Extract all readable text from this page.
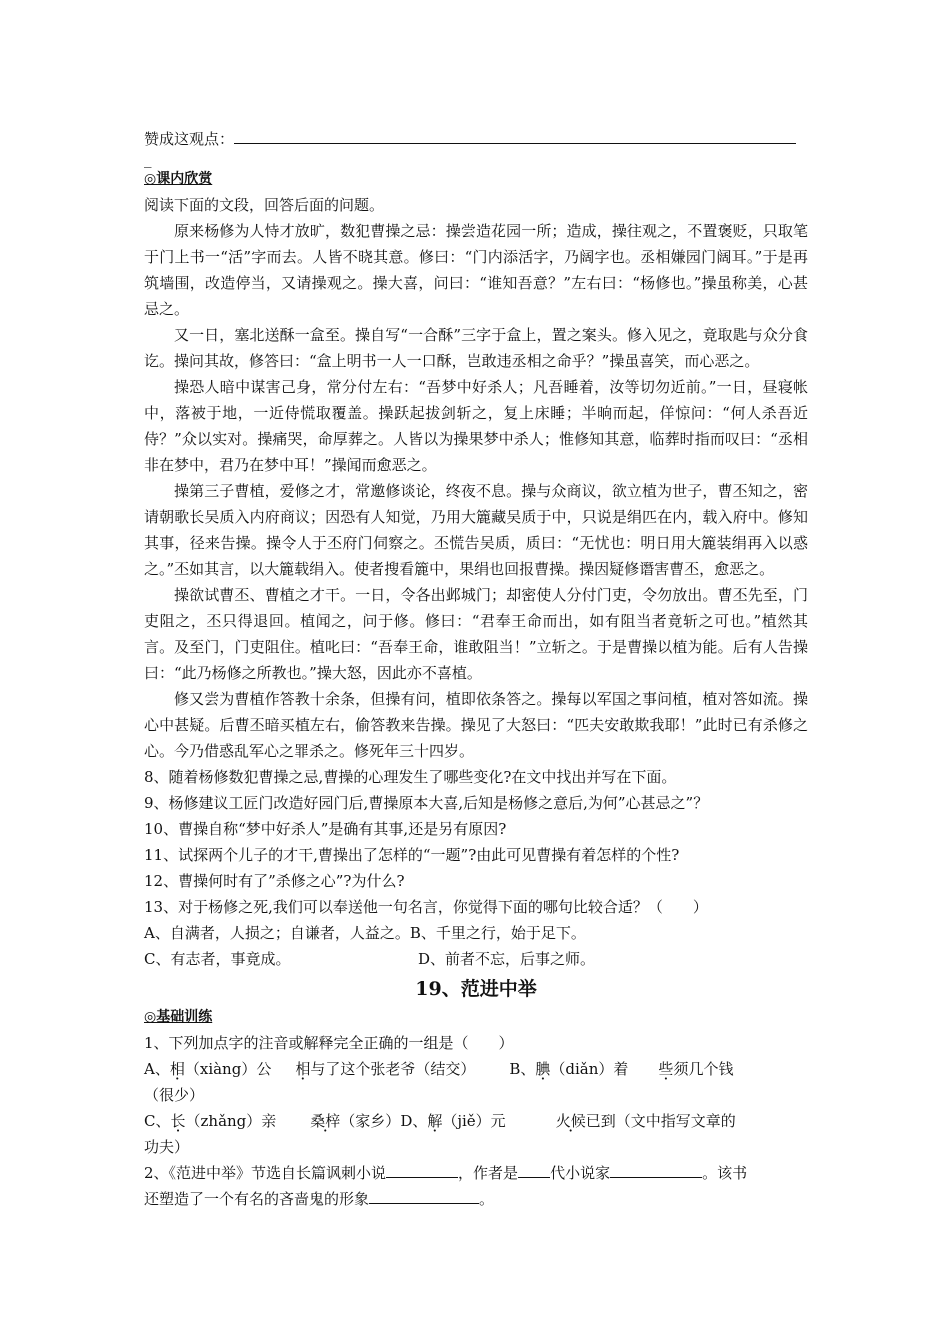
赞成这观点：
_
◎课内欣赏
阅读下面的文段，回答后面的问题。
原来杨修为人恃才放旷，数犯曹操之忌：操尝造花园一所；造成，操往观之，不置褒贬，只取笔于门上书一“活”字而去。人皆不晓其意。修曰：“门内添活字，乃阔字也。丞相嫌园门阔耳。”于是再筑墙围，改造停当，又请操观之。操大喜，问曰：“谁知吾意？”左右曰：“杨修也。”操虽称美，心甚忌之。
又一日，塞北送酥一盒至。操自写“一合酥”三字于盒上，置之案头。修入见之，竟取匙与众分食讫。操问其故，修答曰：“盒上明书一人一口酥，岂敢违丞相之命乎？”操虽喜笑，而心恶之。
操恐人暗中谋害己身，常分付左右：“吾梦中好杀人；凡吾睡着，汝等切勿近前。”一日，昼寝帐中，落被于地，一近侍慌取覆盖。操跃起拔剑斩之，复上床睡；半晌而起，佯惊问：“何人杀吾近侍？”众以实对。操痛哭，命厚葬之。人皆以为操果梦中杀人；惟修知其意，临葬时指而叹曰：“丞相非在梦中，君乃在梦中耳！”操闻而愈恶之。
操第三子曹植，爱修之才，常邀修谈论，终夜不息。操与众商议，欲立植为世子，曹丕知之，密请朝歌长吴质入内府商议；因恐有人知觉，乃用大簏藏吴质于中，只说是绢匹在内，载入府中。修知其事，径来告操。操令人于丕府门伺察之。丕慌告吴质，质曰：“无忧也：明日用大簏装绢再入以惑之。”丕如其言，以大簏载绢入。使者搜看簏中，果绢也回报曹操。操因疑修谮害曹丕，愈恶之。
操欲试曹丕、曹植之才干。一日，令各出邺城门；却密使人分付门吏，令勿放出。曹丕先至，门吏阻之，丕只得退回。植闻之，问于修。修曰：“君奉王命而出，如有阻当者竟斩之可也。”植然其言。及至门，门吏阻住。植叱曰：“吾奉王命，谁敢阻当！”立斩之。于是曹操以植为能。后有人告操曰：“此乃杨修之所教也。”操大怒，因此亦不喜植。
修又尝为曹植作答教十余条，但操有问，植即依条答之。操每以军国之事问植，植对答如流。操心中甚疑。后曹丕暗买植左右，偷答教来告操。操见了大怒曰：“匹夫安敢欺我耶！”此时已有杀修之心。今乃借惑乱军心之罪杀之。修死年三十四岁。
8、随着杨修数犯曹操之忌,曹操的心理发生了哪些变化?在文中找出并写在下面。
9、杨修建议工匠门改造好园门后,曹操原本大喜,后知是杨修之意后,为何”心甚忌之”？
10、曹操自称“梦中好杀人”是确有其事,还是另有原因?
11、试探两个儿子的才干,曹操出了怎样的“一题”?由此可见曹操有着怎样的个性?
12、曹操何时有了”杀修之心”?为什么?
13、对于杨修之死,我们可以奉送他一句名言，你觉得下面的哪句比较合适？（　　）
A、自满者，人损之；自谦者，人益之。B、千里之行，始于足下。
C、有志者，事竟成。	D、前者不忘，后事之师。
19、范进中举
◎基础训练
1、下列加点字的注音或解释完全正确的一组是（　　）
A、相（xiàng）公 相与了这个张老爷（结交） B、腆（diǎn）着 些须几个钱
（很少）
C、长（zhǎng）亲 桑梓（家乡）D、解（jiě）元	火候已到（文中指写文章的
功夫）
2、《范进中举》节选自长篇讽刺小说	，作者是 代小说家	。该书
还塑造了一个有名的吝啬鬼的形象	。
